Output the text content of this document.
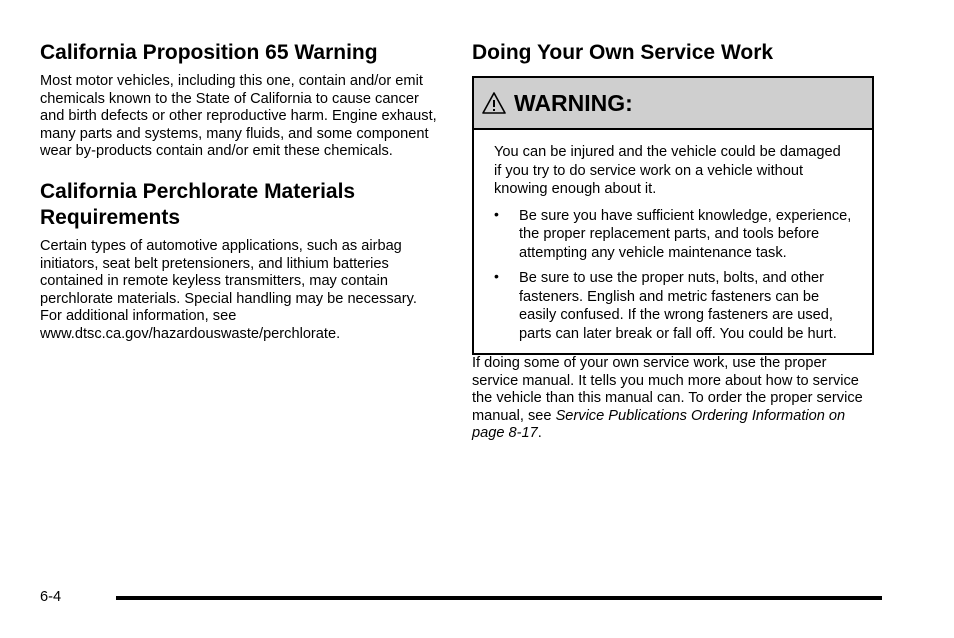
California Proposition 65 Warning

Most motor vehicles, including this one, contain and/or emit chemicals known to the State of California to cause cancer and birth defects or other reproductive harm. Engine exhaust, many parts and systems, many fluids, and some component wear by-products contain and/or emit these chemicals.

California Perchlorate Materials Requirements

Certain types of automotive applications, such as airbag initiators, seat belt pretensioners, and lithium batteries contained in remote keyless transmitters, may contain perchlorate materials. Special handling may be necessary. For additional information, see www.dtsc.ca.gov/hazardouswaste/perchlorate.

Doing Your Own Service Work
WARNING:

You can be injured and the vehicle could be damaged if you try to do service work on a vehicle without knowing enough about it.

• Be sure you have sufficient knowledge, experience, the proper replacement parts, and tools before attempting any vehicle maintenance task.
• Be sure to use the proper nuts, bolts, and other fasteners. English and metric fasteners can be easily confused. If the wrong fasteners are used, parts can later break or fall off. You could be hurt.

If doing some of your own service work, use the proper service manual. It tells you much more about how to service the vehicle than this manual can. To order the proper service manual, see Service Publications Ordering Information on page 8-17.

6-4
